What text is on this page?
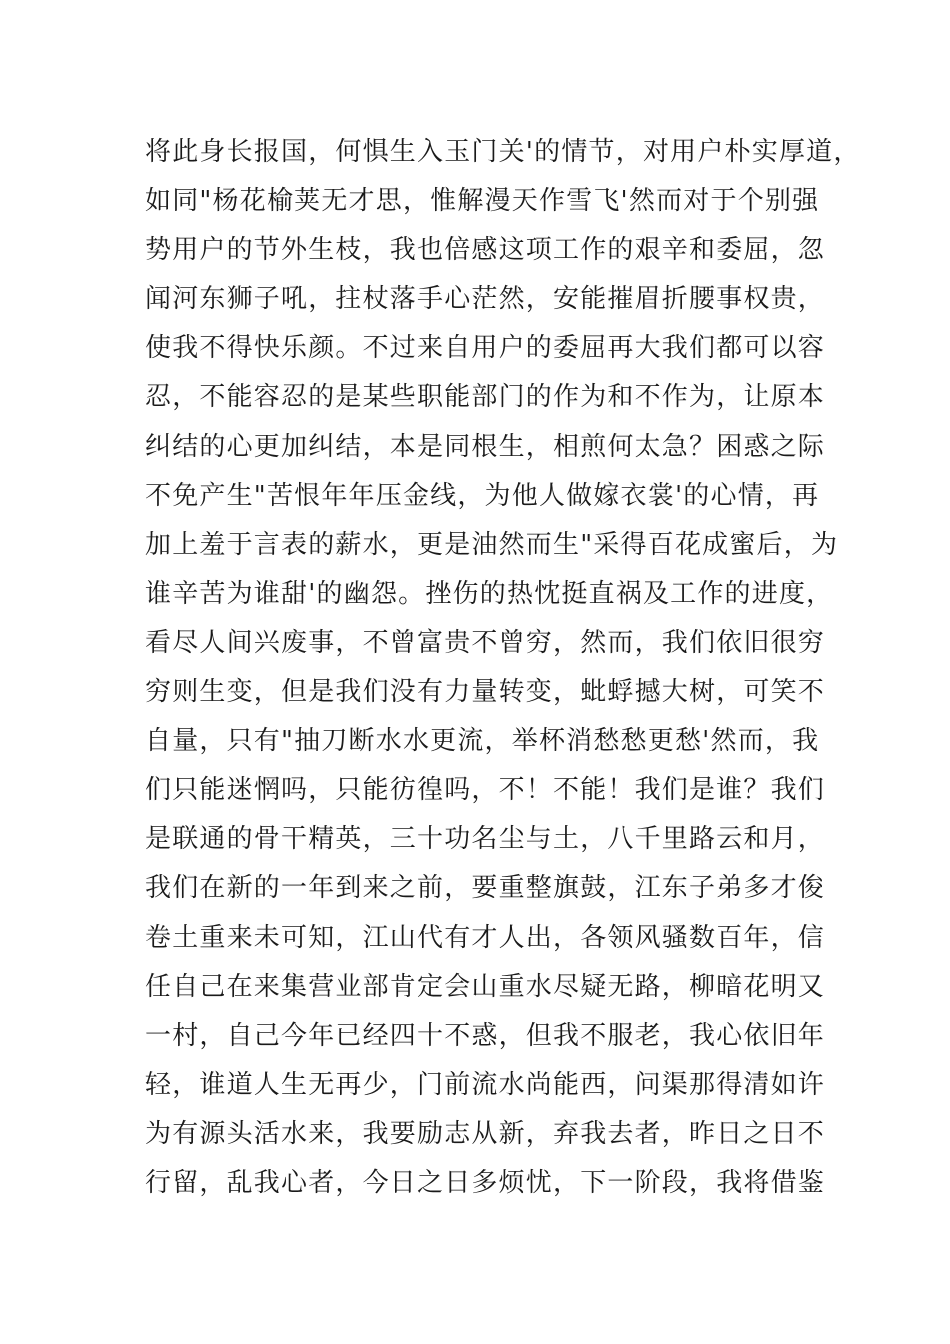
将此身长报国，何惧生入玉门关'的情节，对用户朴实厚道，
如同"杨花榆荚无才思，惟解漫天作雪飞'然而对于个别强
势用户的节外生枝，我也倍感这项工作的艰辛和委屈，忽
闻河东狮子吼，拄杖落手心茫然，安能摧眉折腰事权贵，
使我不得快乐颜。不过来自用户的委屈再大我们都可以容
忍，不能容忍的是某些职能部门的作为和不作为，让原本
纠结的心更加纠结，本是同根生，相煎何太急？困惑之际
不免产生"苦恨年年压金线，为他人做嫁衣裳'的心情，再
加上羞于言表的薪水，更是油然而生"采得百花成蜜后，为
谁辛苦为谁甜'的幽怨。挫伤的热忱挺直祸及工作的进度，
看尽人间兴废事，不曾富贵不曾穷，然而，我们依旧很穷
穷则生变，但是我们没有力量转变，蚍蜉撼大树，可笑不
自量，只有"抽刀断水水更流，举杯消愁愁更愁'然而，我
们只能迷惘吗，只能彷徨吗，不！不能！我们是谁？我们
是联通的骨干精英，三十功名尘与土，八千里路云和月，
我们在新的一年到来之前，要重整旗鼓，江东子弟多才俊
卷土重来未可知，江山代有才人出，各领风骚数百年，信
任自己在来集营业部肯定会山重水尽疑无路，柳暗花明又
一村，自己今年已经四十不惑，但我不服老，我心依旧年
轻，谁道人生无再少，门前流水尚能西，问渠那得清如许
为有源头活水来，我要励志从新，弃我去者，昨日之日不
行留，乱我心者，今日之日多烦忧，下一阶段，我将借鉴
